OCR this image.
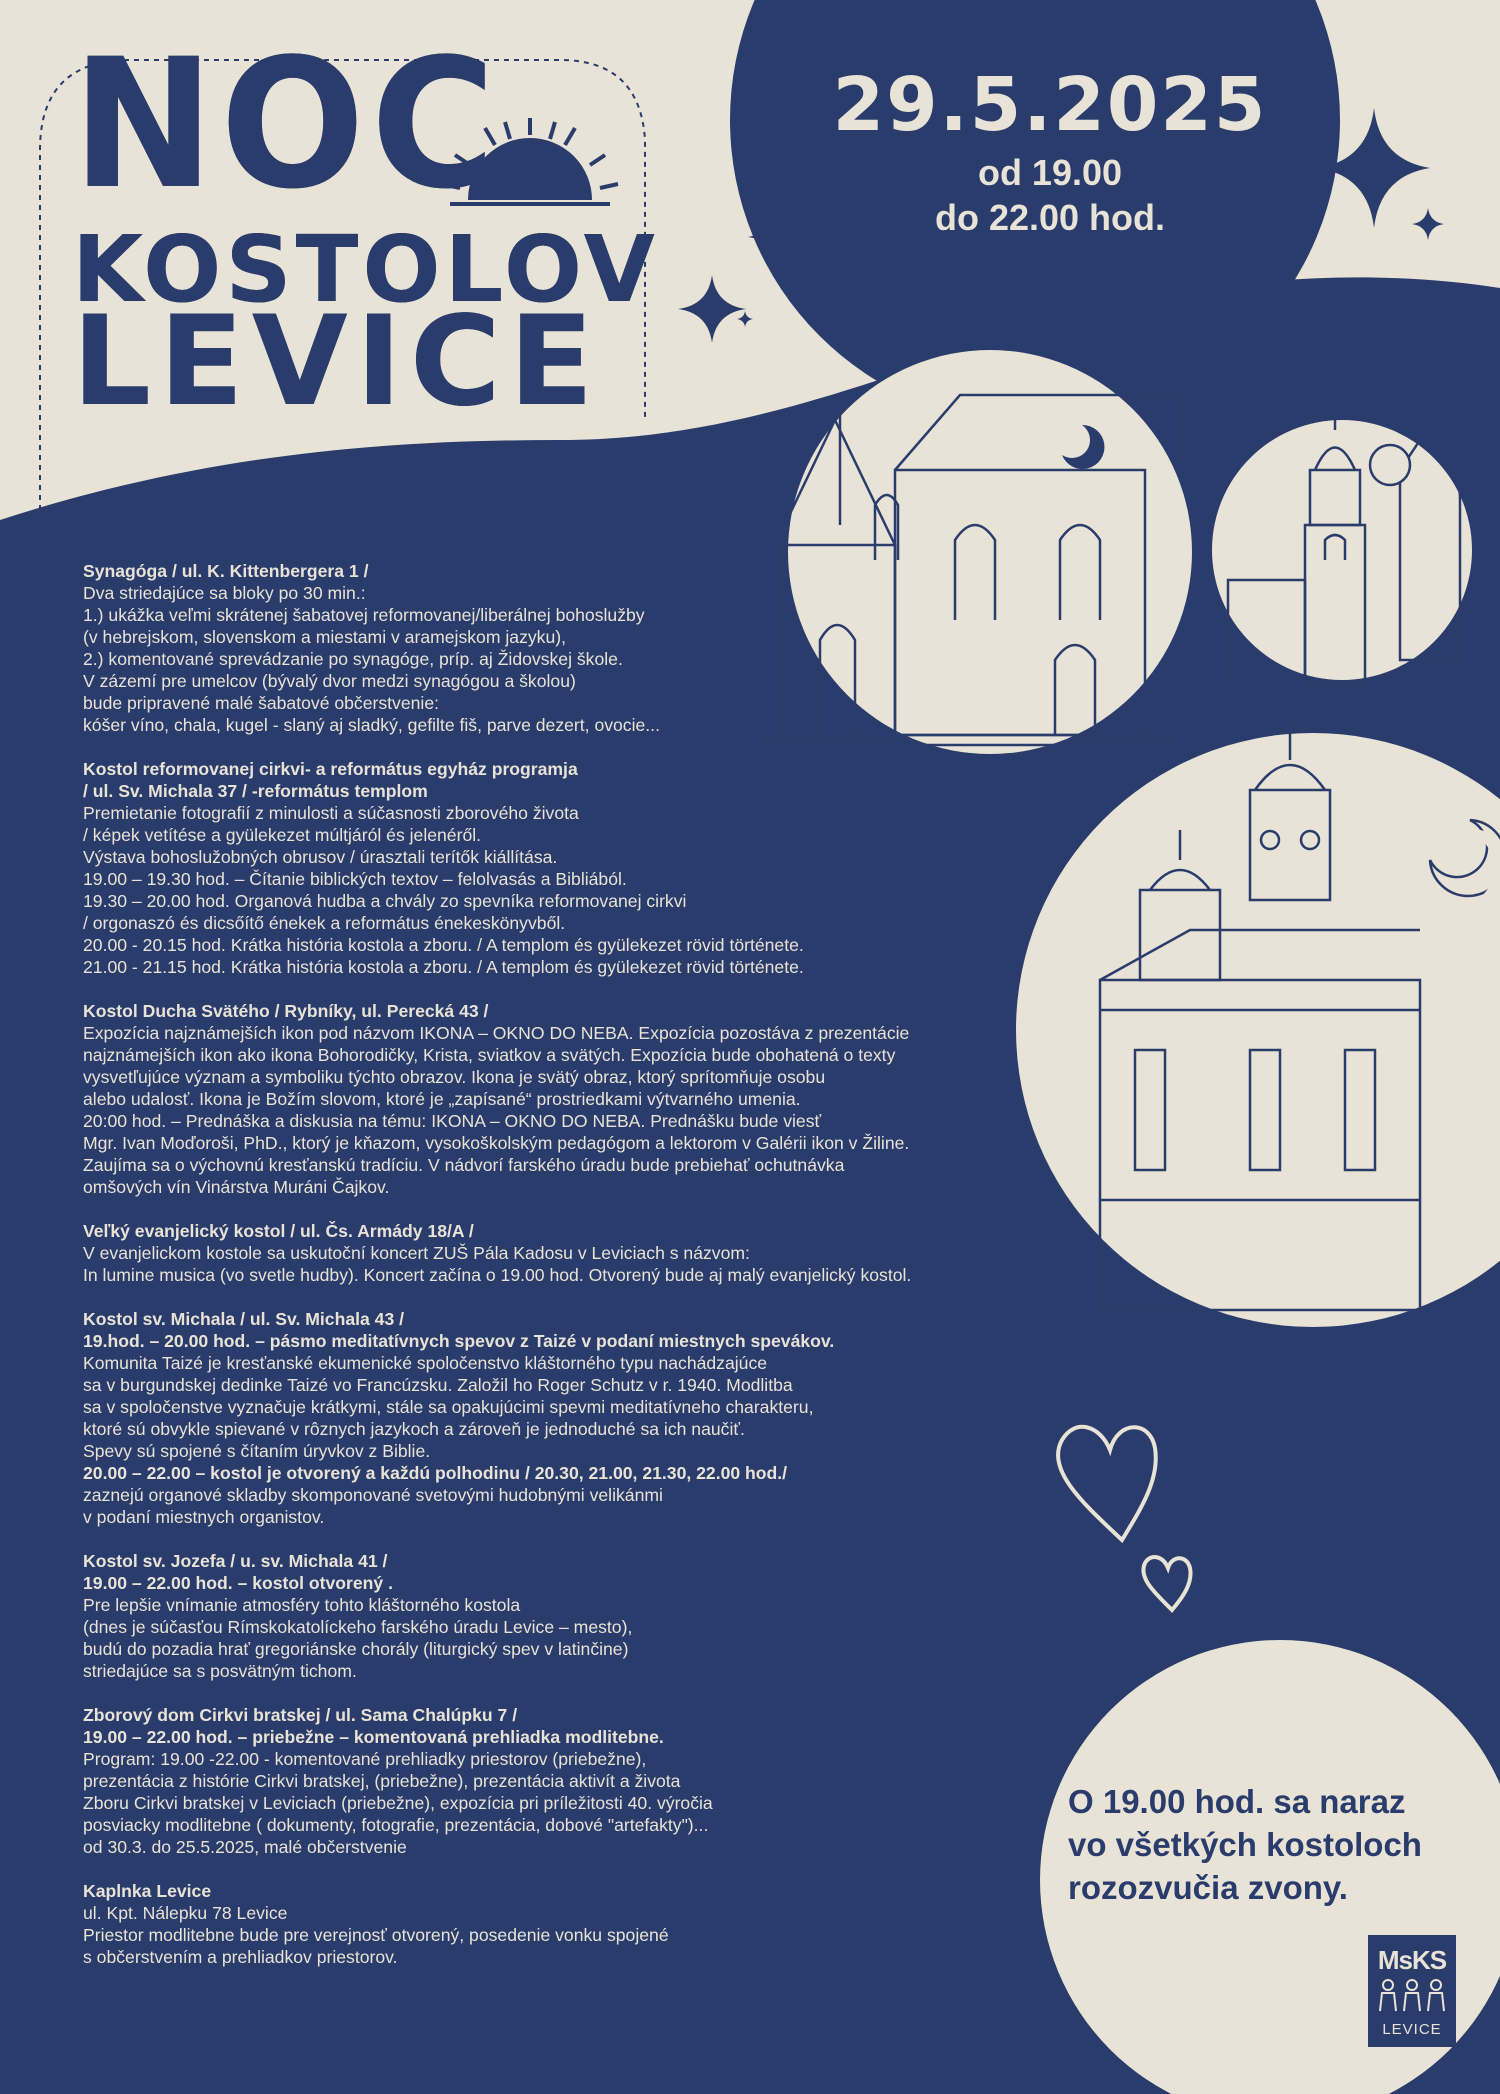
NOC
KOSTOLOV
LEVICE
29.5.2025
od 19.00
do 22.00 hod.
Synagóga / ul. K. Kittenbergera 1 /
Dva striedajúce sa bloky po 30 min.:
1.) ukážka veľmi skrátenej šabatovej reformovanej/liberálnej bohoslužby
(v hebrejskom, slovenskom a miestami v aramejskom jazyku),
2.) komentované sprevádzanie po synagóge, príp. aj Židovskej škole.
V zázemí pre umelcov (bývalý dvor medzi synagógou a školou)
bude pripravené malé šabatové občerstvenie:
kóšer víno, chala, kugel - slaný aj sladký, gefilte fiš, parve dezert, ovocie...
Kostol reformovanej cirkvi- a református egyház programja
/ ul. Sv. Michala 37 / -református templom
Premietanie fotografií z minulosti a súčasnosti zborového života
/ képek vetítése a gyülekezet múltjáról és jelenéről.
Výstava bohoslužobných obrusov / úrasztali terítők kiállítása.
19.00 – 19.30 hod. – Čítanie biblických textov – felolvasás a Bibliából.
19.30 – 20.00 hod. Organová hudba a chvály zo spevníka reformovanej cirkvi
/ orgonaszó és dicsőítő énekek a református énekeskönyvből.
20.00 - 20.15 hod. Krátka história kostola a zboru. / A templom és gyülekezet rövid története.
21.00 - 21.15 hod. Krátka história kostola a zboru. / A templom és gyülekezet rövid története.
Kostol Ducha Svätého / Rybníky, ul. Perecká 43 /
Expozícia najznámejších ikon pod názvom IKONA – OKNO DO NEBA. Expozícia pozostáva z prezentácie
najznámejších ikon ako ikona Bohorodičky, Krista, sviatkov a svätých. Expozícia bude obohatená o texty
vysvetľujúce význam a symboliku týchto obrazov. Ikona je svätý obraz, ktorý sprítomňuje osobu
alebo udalosť. Ikona je Božím slovom, ktoré je „zapísané“ prostriedkami výtvarného umenia.
20:00 hod. – Prednáška a diskusia na tému: IKONA – OKNO DO NEBA. Prednášku bude viesť
Mgr. Ivan Moďoroši, PhD., ktorý je kňazom, vysokoškolským pedagógom a lektorom v Galérii ikon v Žiline.
Zaujíma sa o výchovnú kresťanskú tradíciu. V nádvorí farského úradu bude prebiehať ochutnávka
omšových vín Vinárstva Muráni Čajkov.
Veľký evanjelický kostol / ul. Čs. Armády 18/A /
V evanjelickom kostole sa uskutoční koncert ZUŠ Pála Kadosu v Leviciach s názvom:
In lumine musica (vo svetle hudby). Koncert začína o 19.00 hod. Otvorený bude aj malý evanjelický kostol.
Kostol sv. Michala / ul. Sv. Michala 43 /
19.hod. – 20.00 hod. – pásmo meditatívnych spevov z Taizé v podaní miestnych spevákov.
Komunita Taizé je kresťanské ekumenické spoločenstvo kláštorného typu nachádzajúce
sa v burgundskej dedinke Taizé vo Francúzsku. Založil ho Roger Schutz v r. 1940. Modlitba
sa v spoločenstve vyznačuje krátkymi, stále sa opakujúcimi spevmi meditatívneho charakteru,
ktoré sú obvykle spievané v rôznych jazykoch a zároveň je jednoduché sa ich naučiť.
Spevy sú spojené s čítaním úryvkov z Biblie.
20.00 – 22.00 – kostol je otvorený a každú polhodinu / 20.30, 21.00, 21.30, 22.00 hod./
zaznejú organové skladby skomponované svetovými hudobnými velikánmi
v podaní miestnych organistov.
Kostol sv. Jozefa / u. sv. Michala 41 /
19.00 – 22.00 hod. – kostol otvorený .
Pre lepšie vnímanie atmosféry tohto kláštorného kostola
(dnes je súčasťou Rímskokatolíckeho farského úradu Levice – mesto),
budú do pozadia hrať gregoriánske chorály (liturgický spev v latinčine)
striedajúce sa s posvätným tichom.
Zborový dom Cirkvi bratskej / ul. Sama Chalúpku 7 /
19.00 – 22.00 hod. – priebežne – komentovaná prehliadka modlitebne.
Program: 19.00 -22.00 - komentované prehliadky priestorov (priebežne),
prezentácia z histórie Cirkvi bratskej, (priebežne), prezentácia aktivít a života
Zboru Cirkvi bratskej v Leviciach (priebežne), expozícia pri príležitosti 40. výročia
posviacky modlitebne ( dokumenty, fotografie, prezentácia, dobové "artefakty")...
od 30.3. do 25.5.2025, malé občerstvenie
Kaplnka Levice
ul. Kpt. Nálepku 78 Levice
Priestor modlitebne bude pre verejnosť otvorený, posedenie vonku spojené
s občerstvením a prehliadkov priestorov.
O 19.00 hod. sa naraz
vo všetkých kostoloch
rozozvučia zvony.
MsKS
LEVICE
